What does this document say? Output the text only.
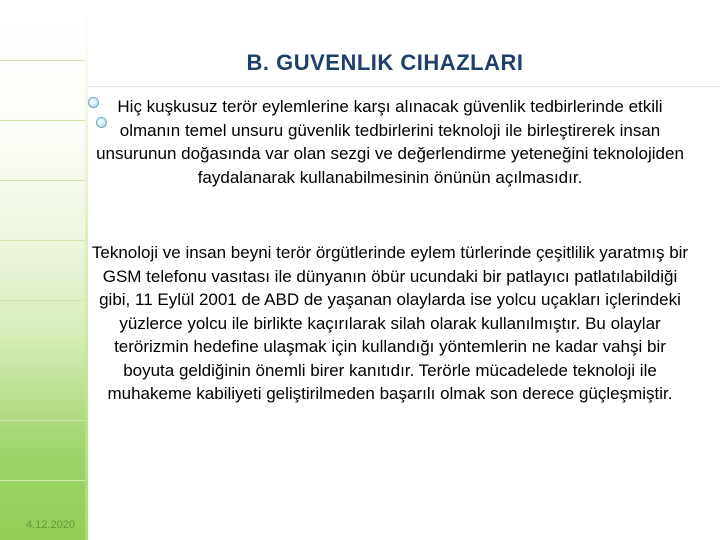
4.12.2020
B. GUVENLIK CIHAZLARI
Hiç kuşkusuz terör eylemlerine karşı alınacak güvenlik tedbirlerinde etkili olmanın temel unsuru güvenlik tedbirlerini teknoloji ile birleştirerek insan unsurunun doğasında var olan sezgi ve değerlendirme yeteneğini teknolojiden faydalanarak kullanabilmesinin önünün açılmasıdır.
Teknoloji ve insan beyni terör örgütlerinde eylem türlerinde çeşitlilik yaratmış bir GSM telefonu vasıtası ile dünyanın öbür ucundaki bir patlayıcı patlatılabildiği gibi, 11 Eylül 2001 de ABD de yaşanan olaylarda ise yolcu uçakları içlerindeki yüzlerce yolcu ile birlikte kaçırılarak silah olarak kullanılmıştır. Bu olaylar terörizmin hedefine ulaşmak için kullandığı yöntemlerin ne kadar vahşi bir boyuta geldiğinin önemli birer kanıtıdır. Terörle mücadelede teknoloji ile muhakeme kabiliyeti geliştirilmeden başarılı olmak son derece güçleşmiştir.
